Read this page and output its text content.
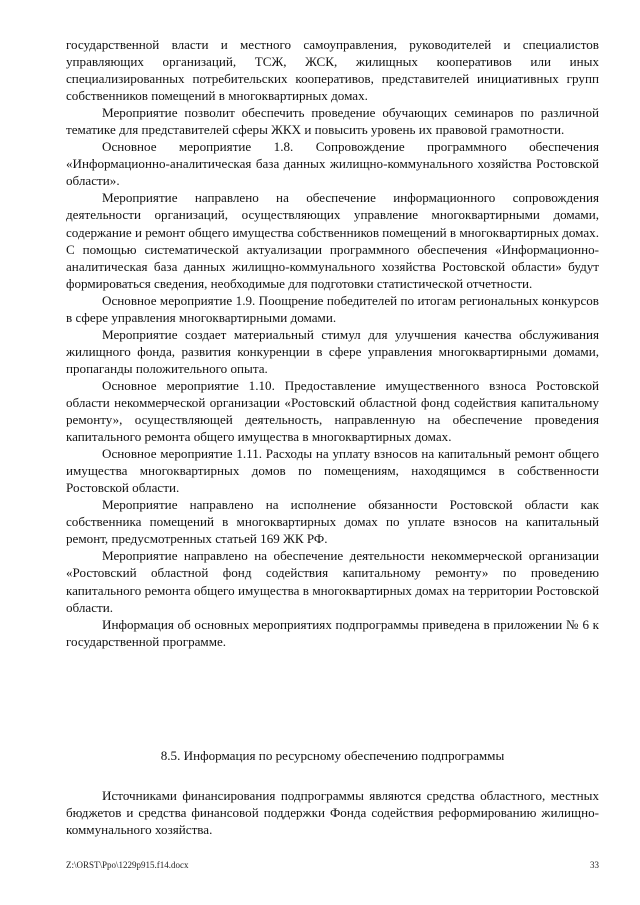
государственной власти и местного самоуправления, руководителей и специалистов управляющих организаций, ТСЖ, ЖСК, жилищных кооперативов или иных специализированных потребительских кооперативов, представителей инициативных групп собственников помещений в многоквартирных домах.

Мероприятие позволит обеспечить проведение обучающих семинаров по различной тематике для представителей сферы ЖКХ и повысить уровень их правовой грамотности.

Основное мероприятие 1.8. Сопровождение программного обеспечения «Информационно-аналитическая база данных жилищно-коммунального хозяйства Ростовской области».

Мероприятие направлено на обеспечение информационного сопровождения деятельности организаций, осуществляющих управление многоквартирными домами, содержание и ремонт общего имущества собственников помещений в многоквартирных домах. С помощью систематической актуализации программного обеспечения «Информационно-аналитическая база данных жилищно-коммунального хозяйства Ростовской области» будут формироваться сведения, необходимые для подготовки статистической отчетности.

Основное мероприятие 1.9. Поощрение победителей по итогам региональных конкурсов в сфере управления многоквартирными домами.

Мероприятие создает материальный стимул для улучшения качества обслуживания жилищного фонда, развития конкуренции в сфере управления многоквартирными домами, пропаганды положительного опыта.

Основное мероприятие 1.10. Предоставление имущественного взноса Ростовской области некоммерческой организации «Ростовский областной фонд содействия капитальному ремонту», осуществляющей деятельность, направленную на обеспечение проведения капитального ремонта общего имущества в многоквартирных домах.

Основное мероприятие 1.11. Расходы на уплату взносов на капитальный ремонт общего имущества многоквартирных домов по помещениям, находящимся в собственности Ростовской области.

Мероприятие направлено на исполнение обязанности Ростовской области как собственника помещений в многоквартирных домах по уплате взносов на капитальный ремонт, предусмотренных статьей 169 ЖК РФ.

Мероприятие направлено на обеспечение деятельности некоммерческой организации «Ростовский областной фонд содействия капитальному ремонту» по проведению капитального ремонта общего имущества в многоквартирных домах на территории Ростовской области.

Информация об основных мероприятиях подпрограммы приведена в приложении № 6 к государственной программе.

8.5. Информация по ресурсному обеспечению подпрограммы

Источниками финансирования подпрограммы являются средства областного, местных бюджетов и средства финансовой поддержки Фонда содействия реформированию жилищно-коммунального хозяйства.

Z:\ORST\Ppo\1229p915.f14.docx	33
